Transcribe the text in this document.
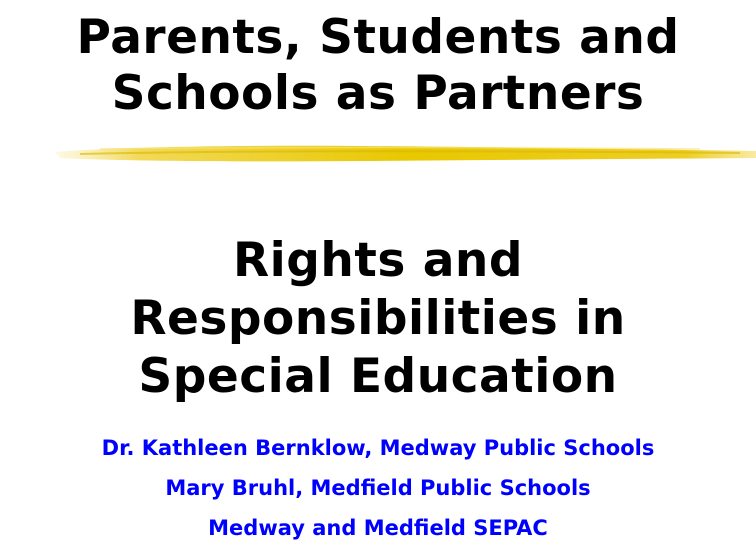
Parents, Students and
Schools as Partners
Rights and
Responsibilities in
Special Education
Dr. Kathleen Bernklow, Medway Public Schools
Mary Bruhl, Medfield Public Schools
Medway and Medfield SEPAC
